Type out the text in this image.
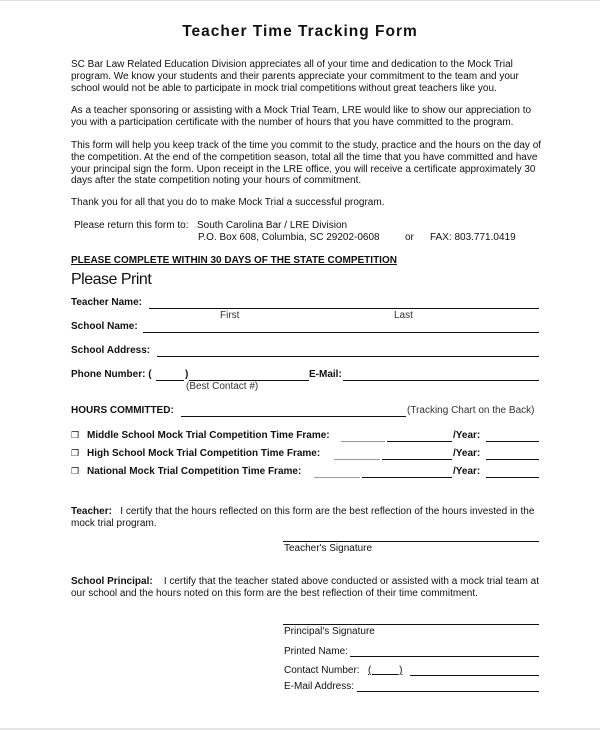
Teacher Time Tracking Form
SC Bar Law Related Education Division appreciates all of your time and dedication to the Mock Trial program. We know your students and their parents appreciate your commitment to the team and your school would not be able to participate in mock trial competitions without great teachers like you.
As a teacher sponsoring or assisting with a Mock Trial Team, LRE would like to show our appreciation to you with a participation certificate with the number of hours that you have committed to the program.
This form will help you keep track of the time you commit to the study, practice and the hours on the day of the competition. At the end of the competition season, total all the time that you have committed and have your principal sign the form. Upon receipt in the LRE office, you will receive a certificate approximately 30 days after the state competition noting your hours of commitment.
Thank you for all that you do to make Mock Trial a successful program.
Please return this form to: South Carolina Bar / LRE Division
P.O. Box 608, Columbia, SC 29202-0608	or FAX: 803.771.0419
PLEASE COMPLETE WITHIN 30 DAYS OF THE STATE COMPETITION
Please Print
Teacher Name:
First	Last
School Name:
School Address:
Phone Number: (	)
(Best Contact #)
E-Mail:
HOURS COMMITTED:	(Tracking Chart on the Back)
❒ Middle School Mock Trial Competition Time Frame:	/Year:
❒ High School Mock Trial Competition Time Frame:	/Year:
❒ National Mock Trial Competition Time Frame:	/Year:
Teacher: I certify that the hours reflected on this form are the best reflection of the hours invested in the mock trial program.
Teacher's Signature
School Principal: I certify that the teacher stated above conducted or assisted with a mock trial team at our school and the hours noted on this form are the best reflection of their time commitment.
Principal's Signature
Printed Name:
Contact Number: (          )
E-Mail Address:
